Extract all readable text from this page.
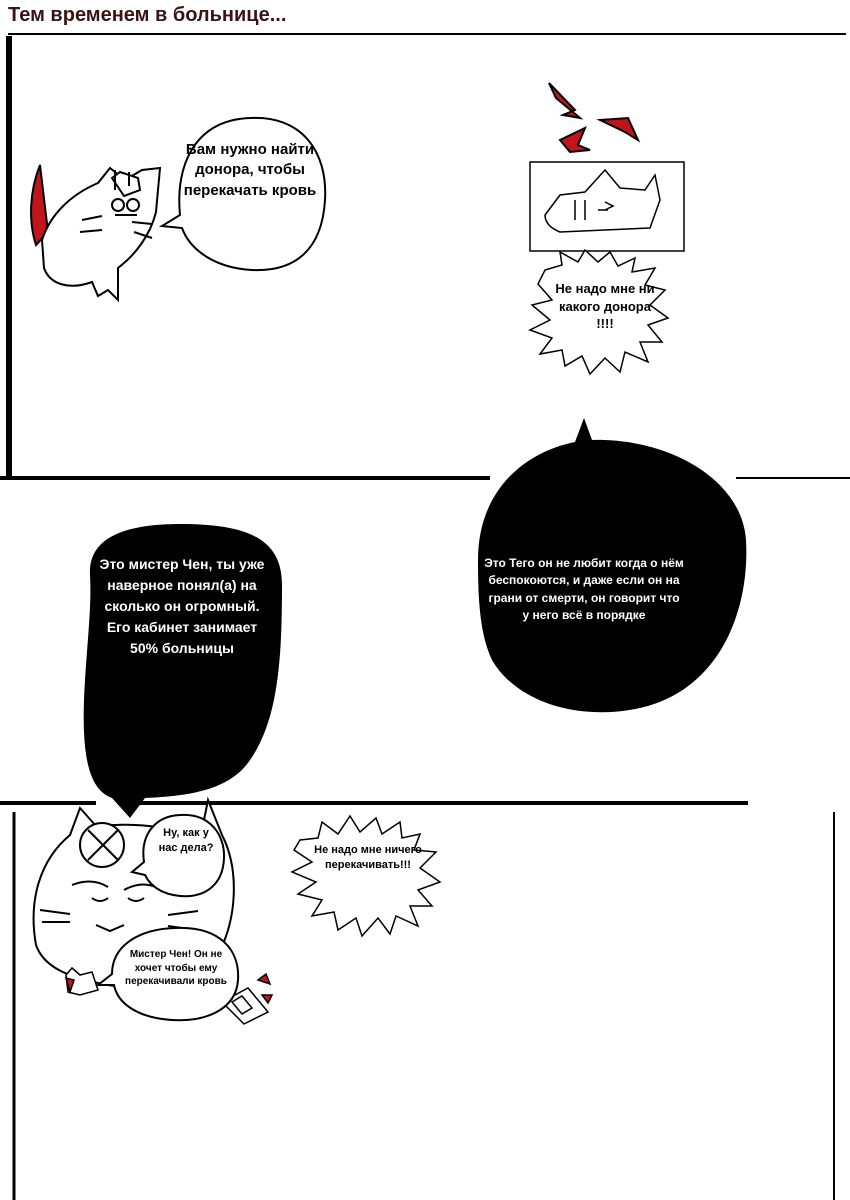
Тем временем в больнице...
Вам нужно найти донора, чтобы перекачать кровь
Не надо мне ни какого донора !!!!
Это мистер Чен, ты уже наверное понял(а) на сколько он огромный. Его кабинет занимает 50% больницы
Это Тего он не любит когда о нём беспокоются, и даже если он на грани от смерти, он говорит что у него всё в порядке
Ну, как у нас дела?	Не надо мне ничего перекачивать!!!
Мистер Чен! Он не хочет чтобы ему перекачивали кровь
